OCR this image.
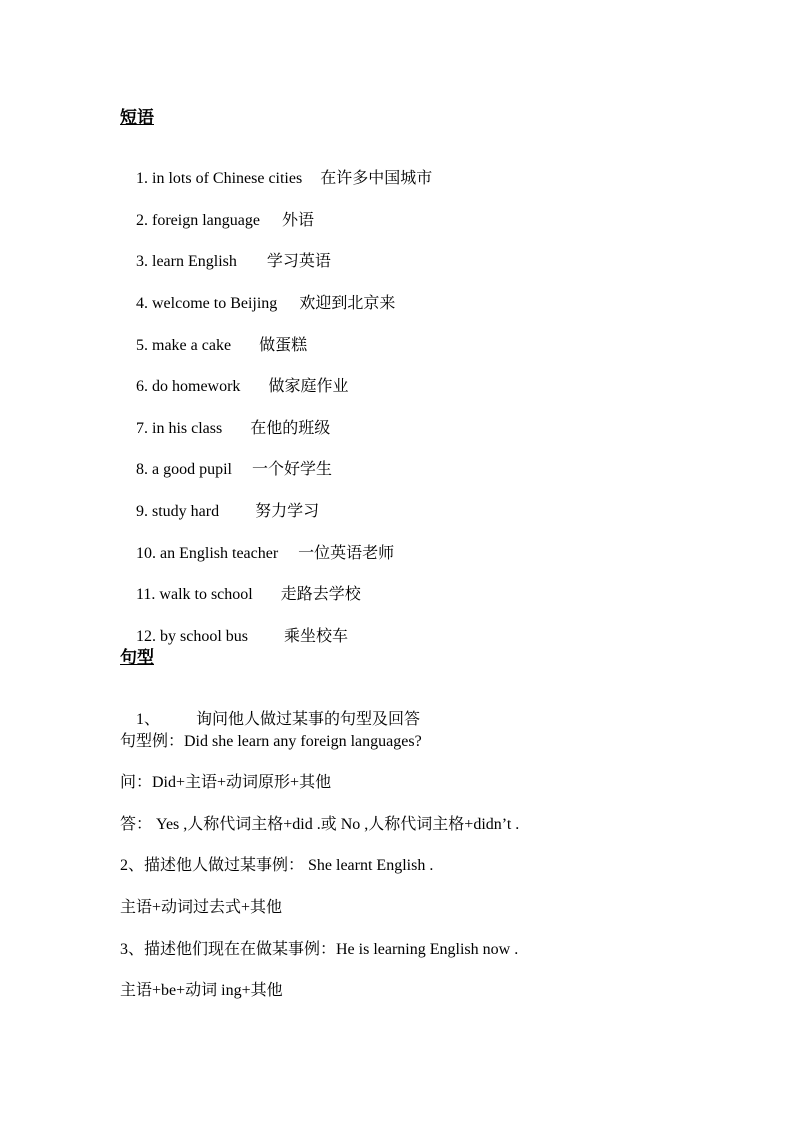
短语

1. in lots of Chinese cities 在许多中国城市

2. foreign language 外语

3. learn English 学习英语

4. welcome to Beijing 欢迎到北京来

5. make a cake 做蛋糕

6. do homework 做家庭作业

7. in his class 在他的班级

8. a good pupil 一个好学生

9. study hard 努力学习

10. an English teacher 一位英语老师

11. walk to school 走路去学校

12. by school bus 乘坐校车

句型

1、 询问他人做过某事的句型及回答

句型例：Did she learn any foreign languages?
问：Did+主语+动词原形+其他
答： Yes ,人称代词主格+did .或 No ,人称代词主格+didn’t .
2、描述他人做过某事例： She learnt English .
主语+动词过去式+其他
3、描述他们现在在做某事例：He is learning English now .
主语+be+动词 ing+其他
